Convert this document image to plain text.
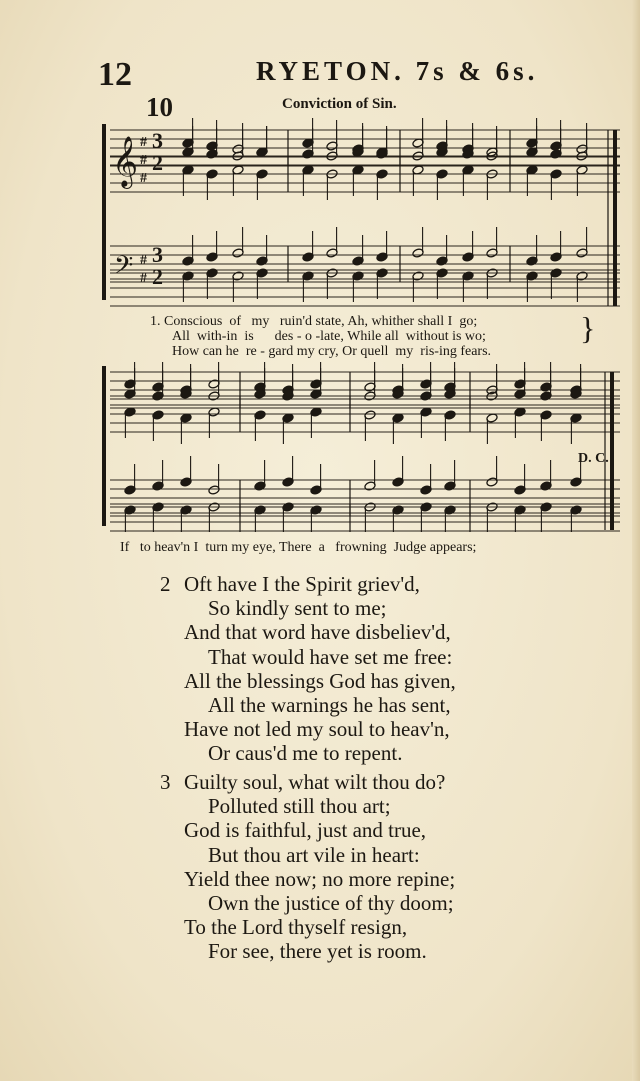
12	RYETON. 7s & 6s.
10	Conviction of Sin.
𝄞
𝄢
#
#
#
#
#
3
2
3
2
1. Conscious  of   my   ruin'd state, Ah, whither shall I  go;
All  with-in  is      des - o -late, While all  without is wo;
How can he  re - gard my cry, Or quell  my  ris-ing fears.
}
D. C.
If   to heav'n I  turn my eye, There  a   frowning  Judge appears;
2 Oft have I the Spirit griev'd,
So kindly sent to me;
And that word have disbeliev'd,
That would have set me free:
All the blessings God has given,
All the warnings he has sent,
Have not led my soul to heav'n,
Or caus'd me to repent.
3 Guilty soul, what wilt thou do?
Polluted still thou art;
God is faithful, just and true,
But thou art vile in heart:
Yield thee now; no more repine;
Own the justice of thy doom;
To the Lord thyself resign,
For see, there yet is room.
